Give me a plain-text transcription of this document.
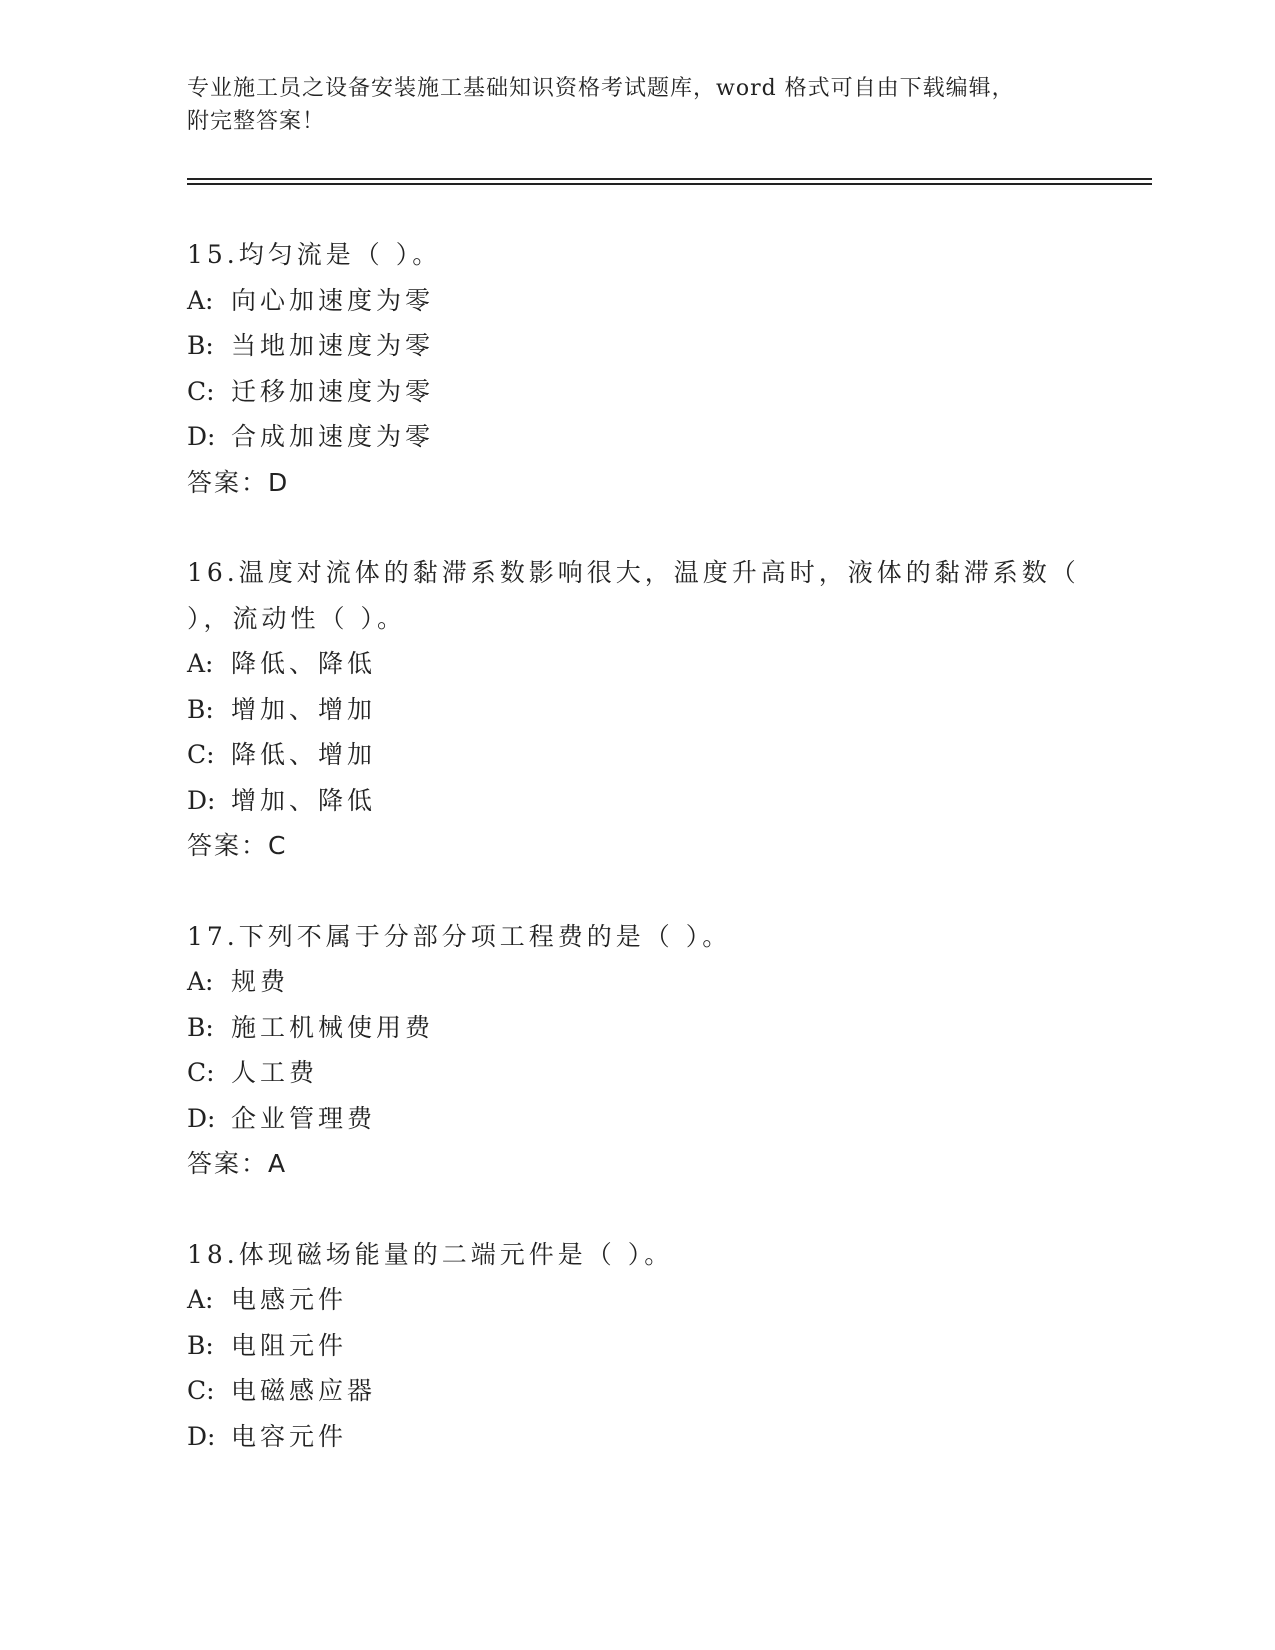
专业施工员之设备安装施工基础知识资格考试题库，word 格式可自由下载编辑，
附完整答案！
15.均匀流是（ ）。
A: 向心加速度为零
B: 当地加速度为零
C: 迁移加速度为零
D: 合成加速度为零
答案：D
16.温度对流体的黏滞系数影响很大，温度升高时，液体的黏滞系数（
），流动性（ ）。
A: 降低、降低
B: 增加、增加
C: 降低、增加
D: 增加、降低
答案：C
17.下列不属于分部分项工程费的是（ ）。
A: 规费
B: 施工机械使用费
C: 人工费
D: 企业管理费
答案：A
18.体现磁场能量的二端元件是（ ）。
A: 电感元件
B: 电阻元件
C: 电磁感应器
D: 电容元件
